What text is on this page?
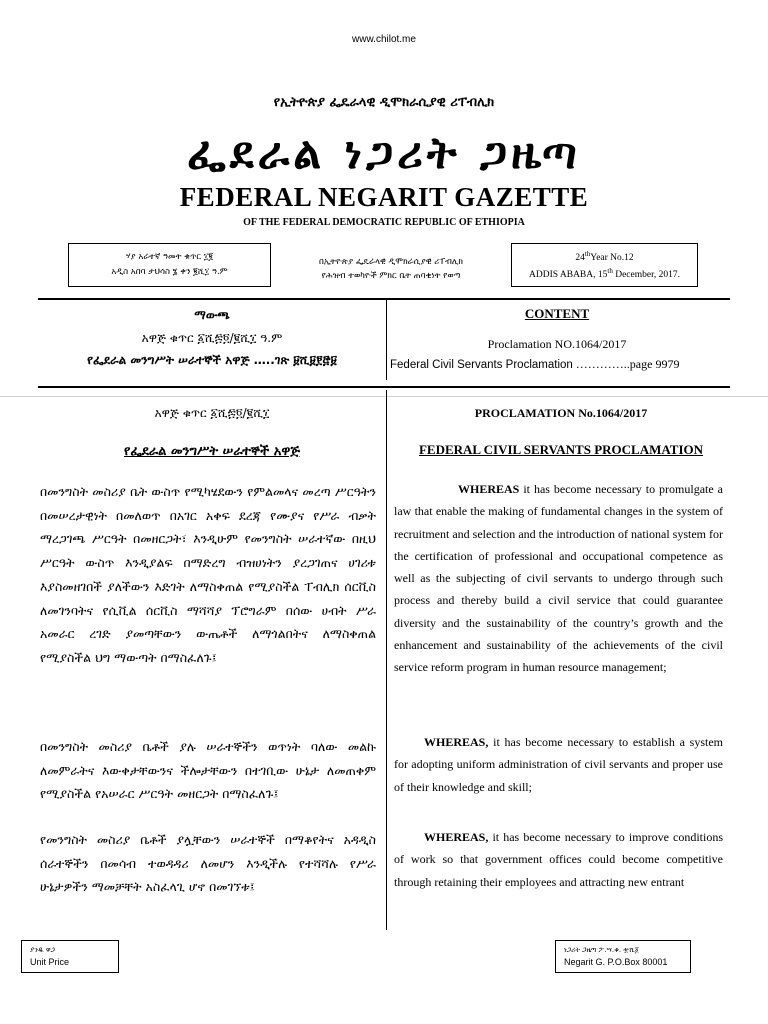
www.chilot.me
የኢትዮጵያ ፌዴራላዊ ዲሞክራሲያዊ ሪፐብሊክ
ፌደራል ነጋሪት ጋዜጣ
FEDERAL NEGARIT GAZETTE
OF THE FEDERAL DEMOCRATIC REPUBLIC OF ETHIOPIA
ሃያ አራተኛ ዓመት ቁጥር ፲፪
አዲስ አበባ ታህሳስ ፮ ቀን ፪ሺ፲ ዓ.ም
በኢትዮጵያ ፌዴራላዊ ዲሞክራሲያዊ ሪፐብሊክ
የሕዝብ ተወካዮች ምክር ቤት ጠባቂነት የወጣ
24thYear No.12
ADDIS ABABA, 15th December, 2017.
ማውጫ
አዋጅ ቁጥር ፩ሺ፷፬/፪ሺ፲ ዓ.ም
የፌደራል መንግሥት ሠራተኞች አዋጅ …..ገጽ ፱ሺ፱፻፸፱
CONTENT
Proclamation NO.1064/2017
Federal Civil Servants Proclamation …………..page 9979
አዋጅ ቁጥር ፩ሺ፷፬/፪ሺ፲
የፌደራል መንግሥት ሠራተኞች አዋጅ
በመንግስት መስሪያ ቤት ውስጥ የሚካሄደውን የምልመላና መረጣ ሥርዓትን በመሠረታዊነት በመለወጥ በአገር አቀፍ ደረጃ የሙያና የሥራ ብቃት ማረጋገጫ ሥርዓት በመዘርጋት፣ እንዲሁም የመንግስት ሠራተኛው በዚህ ሥርዓት ውስጥ እንዲያልፍ በማድረግ ብዝሀነትን ያረጋገጠና ሀገሪቱ እያስመዘገበች ያለችውን እድገት ለማስቀጠል የሚያስችል ፐብሊክ ሰርቪስ ለመገንባትና የሲቪል ሰርቪስ ማሻሻያ ፕሮግራም በሰው ሀብት ሥራ አመራር ረገድ ያመጣቸውን ውጤቶች ለማጎልበትና ለማስቀጠል የሚያስችል ህግ ማውጣት በማስፈለጉ፤
በመንግስት መስሪያ ቤቶች ያሉ ሠራተኞችን ወጥነት ባለው መልኩ ለመምራትና እውቀታቸውንና ችሎታቸውን በተገቢው ሁኔታ ለመጠቀም የሚያስችል የአሠራር ሥርዓት መዘርጋት በማስፈለጉ፤
የመንግስት መስሪያ ቤቶች ያሏቸውን ሠራተኞች በማቆየትና አዳዲስ ሰራተኞችን በመሳብ ተወዳዳሪ ለመሆን እንዲችሉ የተሻሻሉ የሥራ ሁኔታዎችን ማመቻቸት አስፈላጊ ሆኖ በመገኘቱ፤
PROCLAMATION No.1064/2017
FEDERAL CIVIL SERVANTS PROCLAMATION
WHEREAS it has become necessary to promulgate a law that enable the making of fundamental changes in the system of recruitment and selection and the introduction of national system for the certification of professional and occupational competence as well as the subjecting of civil servants to undergo through such process and thereby build a civil service that could guarantee diversity and the sustainability of the country’s growth and the enhancement and sustainability of the achievements of the civil service reform program in human resource management;
WHEREAS, it has become necessary to establish a system for adopting uniform administration of civil servants and proper use of their knowledge and skill;
WHEREAS, it has become necessary to improve conditions of work so that government offices could become competitive through retaining their employees and attracting new entrant
ያንዱ ዋጋ
Unit Price
ነጋሪት ጋዜጣ ፖ.ሣ.ቁ. ፹ሺ፩
Negarit G. P.O.Box 80001
